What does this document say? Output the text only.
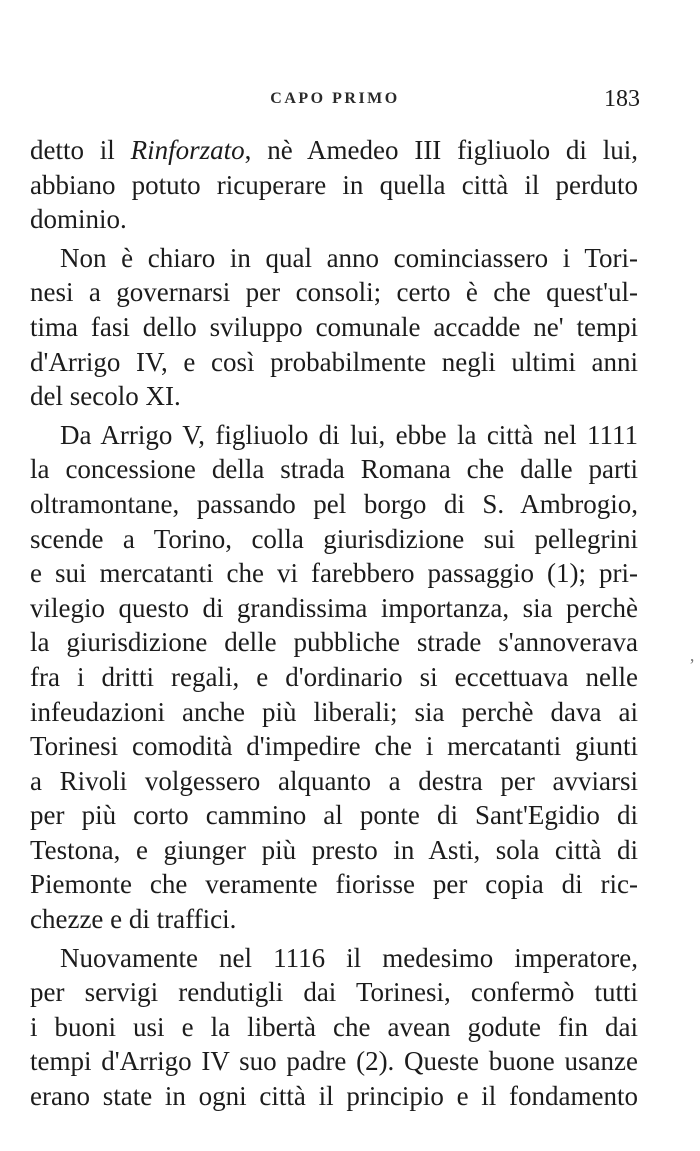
CAPO PRIMO	183
detto il Rinforzato, nè Amedeo III figliuolo di lui,
abbiano potuto ricuperare in quella città il perduto
dominio.
Non è chiaro in qual anno cominciassero i Tori-
nesi a governarsi per consoli; certo è che quest'ul-
tima fasi dello sviluppo comunale accadde ne' tempi
d'Arrigo IV, e così probabilmente negli ultimi anni
del secolo XI.
Da Arrigo V, figliuolo di lui, ebbe la città nel 1111
la concessione della strada Romana che dalle parti
oltramontane, passando pel borgo di S. Ambrogio,
scende a Torino, colla giurisdizione sui pellegrini
e sui mercatanti che vi farebbero passaggio (1); pri-
vilegio questo di grandissima importanza, sia perchè
la giurisdizione delle pubbliche strade s'annoverava
fra i dritti regali, e d'ordinario si eccettuava nelle
infeudazioni anche più liberali; sia perchè dava ai
Torinesi comodità d'impedire che i mercatanti giunti
a Rivoli volgessero alquanto a destra per avviarsi
per più corto cammino al ponte di Sant'Egidio di
Testona, e giunger più presto in Asti, sola città di
Piemonte che veramente fiorisse per copia di ric-
chezze e di traffici.
Nuovamente nel 1116 il medesimo imperatore,
per servigi rendutigli dai Torinesi, confermò tutti
i buoni usi e la libertà che avean godute fin dai
tempi d'Arrigo IV suo padre (2). Queste buone usanze
erano state in ogni città il principio e il fondamento
ʼ
